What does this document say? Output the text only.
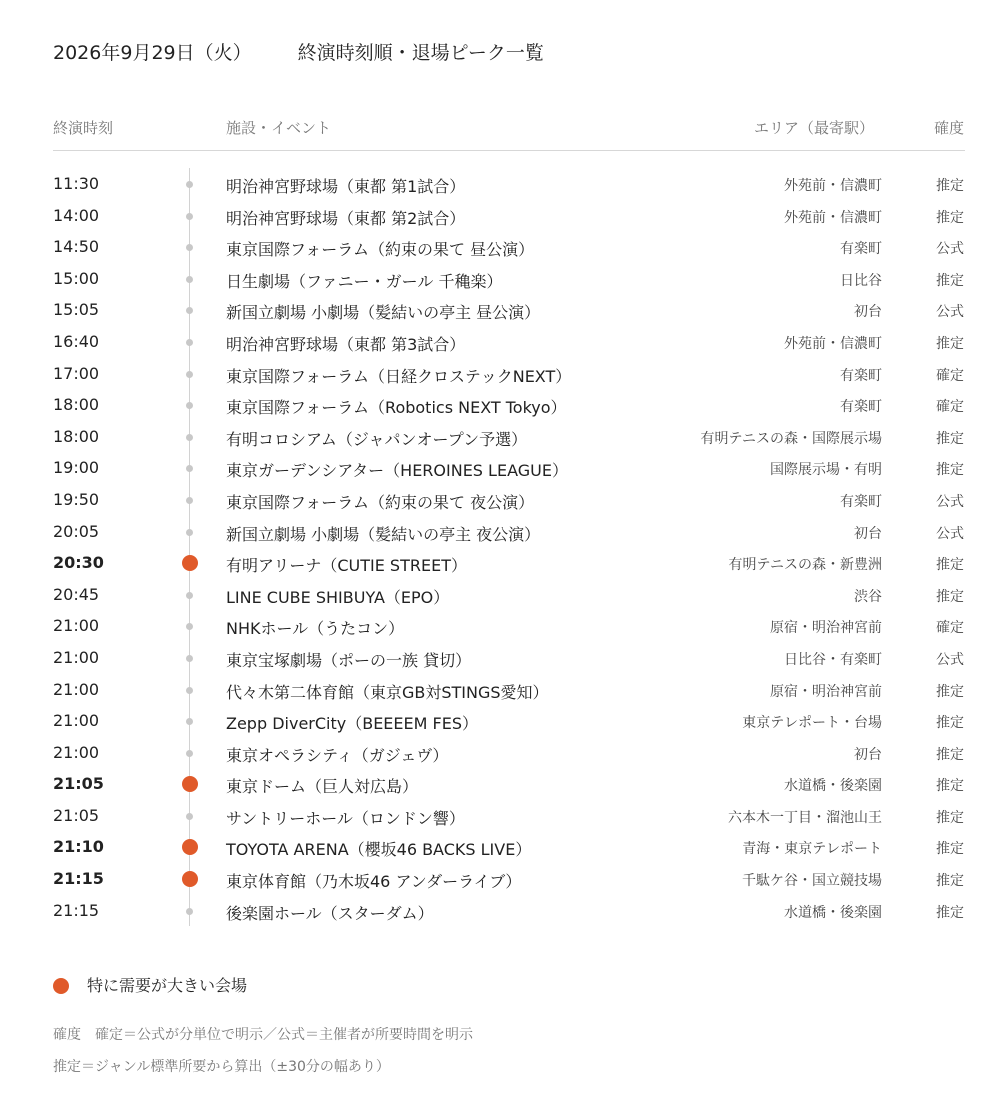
2026年9月29日（火） 終演時刻順・退場ピーク一覧
終演時刻	施設・イベント	エリア（最寄駅）	確度
11:30	明治神宮野球場（東都 第1試合）	外苑前・信濃町	推定
14:00	明治神宮野球場（東都 第2試合）	外苑前・信濃町	推定
14:50	東京国際フォーラム（約束の果て 昼公演）	有楽町	公式
15:00	日生劇場（ファニー・ガール 千穐楽）	日比谷	推定
15:05	新国立劇場 小劇場（髪結いの亭主 昼公演）	初台	公式
16:40	明治神宮野球場（東都 第3試合）	外苑前・信濃町	推定
17:00	東京国際フォーラム（日経クロステックNEXT）	有楽町	確定
18:00	東京国際フォーラム（Robotics NEXT Tokyo）	有楽町	確定
18:00	有明コロシアム（ジャパンオープン予選）	有明テニスの森・国際展示場	推定
19:00	東京ガーデンシアター（HEROINES LEAGUE）	国際展示場・有明	推定
19:50	東京国際フォーラム（約束の果て 夜公演）	有楽町	公式
20:05	新国立劇場 小劇場（髪結いの亭主 夜公演）	初台	公式
20:30	有明アリーナ（CUTIE STREET）	有明テニスの森・新豊洲	推定
20:45	LINE CUBE SHIBUYA（EPO）	渋谷	推定
21:00	NHKホール（うたコン）	原宿・明治神宮前	確定
21:00	東京宝塚劇場（ポーの一族 貸切）	日比谷・有楽町	公式
21:00	代々木第二体育館（東京GB対STINGS愛知）	原宿・明治神宮前	推定
21:00	Zepp DiverCity（BEEEEM FES）	東京テレポート・台場	推定
21:00	東京オペラシティ（ガジェヴ）	初台	推定
21:05	東京ドーム（巨人対広島）	水道橋・後楽園	推定
21:05	サントリーホール（ロンドン響）	六本木一丁目・溜池山王	推定
21:10	TOYOTA ARENA（櫻坂46 BACKS LIVE）	青海・東京テレポート	推定
21:15	東京体育館（乃木坂46 アンダーライブ）	千駄ケ谷・国立競技場	推定
21:15	後楽園ホール（スターダム）	水道橋・後楽園	推定
特に需要が大きい会場
確度　確定＝公式が分単位で明示／公式＝主催者が所要時間を明示
推定＝ジャンル標準所要から算出（±30分の幅あり）
